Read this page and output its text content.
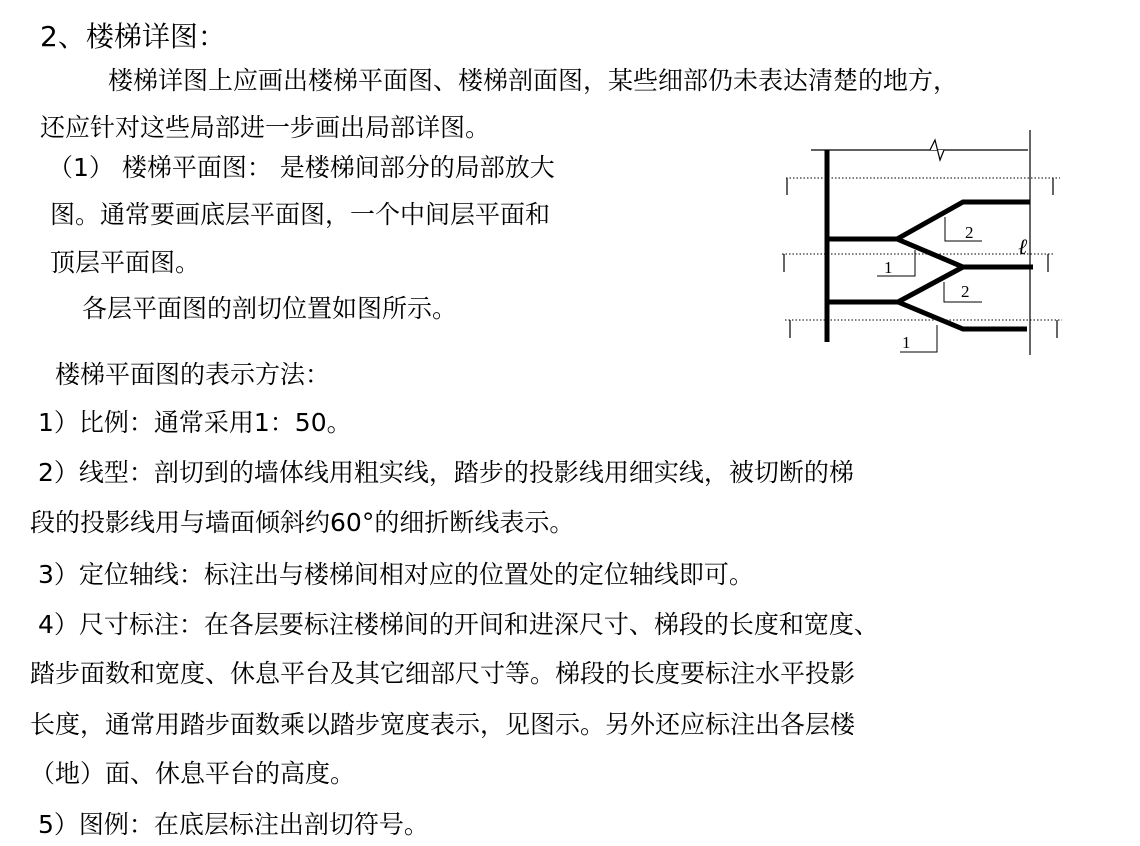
2、楼梯详图：
楼梯详图上应画出楼梯平面图、楼梯剖面图，某些细部仍未表达清楚的地方，
还应针对这些局部进一步画出局部详图。
（1） 楼梯平面图： 是楼梯间部分的局部放大
图。通常要画底层平面图，一个中间层平面和
顶层平面图。
各层平面图的剖切位置如图所示。
楼梯平面图的表示方法：
1）比例：通常采用1：50。
2）线型：剖切到的墙体线用粗实线，踏步的投影线用细实线，被切断的梯
段的投影线用与墙面倾斜约60°的细折断线表示。
3）定位轴线：标注出与楼梯间相对应的位置处的定位轴线即可。
4）尺寸标注：在各层要标注楼梯间的开间和进深尺寸、梯段的长度和宽度、
踏步面数和宽度、休息平台及其它细部尺寸等。梯段的长度要标注水平投影
长度，通常用踏步面数乘以踏步宽度表示，见图示。另外还应标注出各层楼
（地）面、休息平台的高度。
5）图例：在底层标注出剖切符号。
2
1
2
1
ℓ
